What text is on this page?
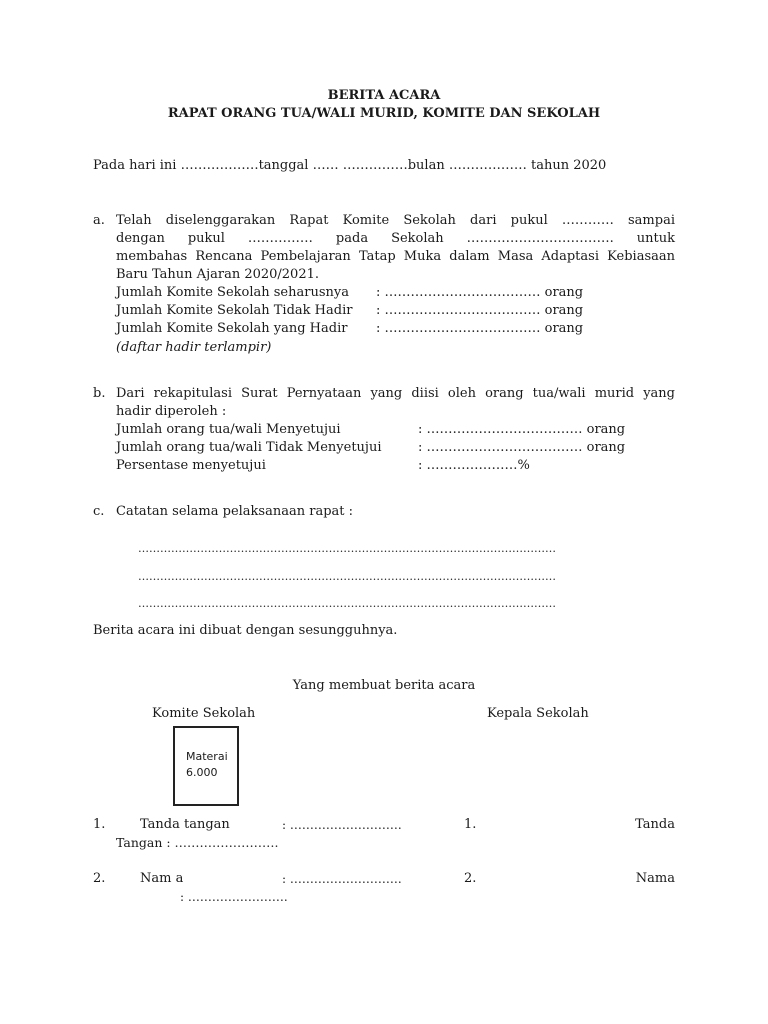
BERITA ACARA
RAPAT ORANG TUA/WALI MURID, KOMITE DAN SEKOLAH
Pada hari ini ………………tanggal …… ……………bulan ……………… tahun 2020
a. Telah diselenggarakan Rapat Komite Sekolah dari pukul ………… sampai
dengan pukul …………… pada Sekolah ……………………………. untuk
membahas Rencana Pembelajaran Tatap Muka dalam Masa Adaptasi Kebiasaan
Baru Tahun Ajaran 2020/2021.
Jumlah Komite Sekolah seharusnya : ……………………………… orang
Jumlah Komite Sekolah Tidak Hadir : ……………………………… orang
Jumlah Komite Sekolah yang Hadir : ……………………………… orang
(daftar hadir terlampir)
b. Dari rekapitulasi Surat Pernyataan yang diisi oleh orang tua/wali murid yang
hadir diperoleh :
Jumlah orang tua/wali Menyetujui	: ……………………………… orang
Jumlah orang tua/wali Tidak Menyetujui	: ……………………………… orang
Persentase menyetujui	: …………………%
c. Catatan selama pelaksanaan rapat :
……………………………………………………………………………………………………
……………………………………………………………………………………………………
……………………………………………………………………………………………………
Berita acara ini dibuat dengan sesungguhnya.
Yang membuat berita acara
Komite Sekolah	Kepala Sekolah
Materai
6.000
1.	Tanda tangan	: ……………………….	1.	Tanda
Tangan : …………………….
2.	Nam a	: ……………………….	2.	Nama
: …………………….
